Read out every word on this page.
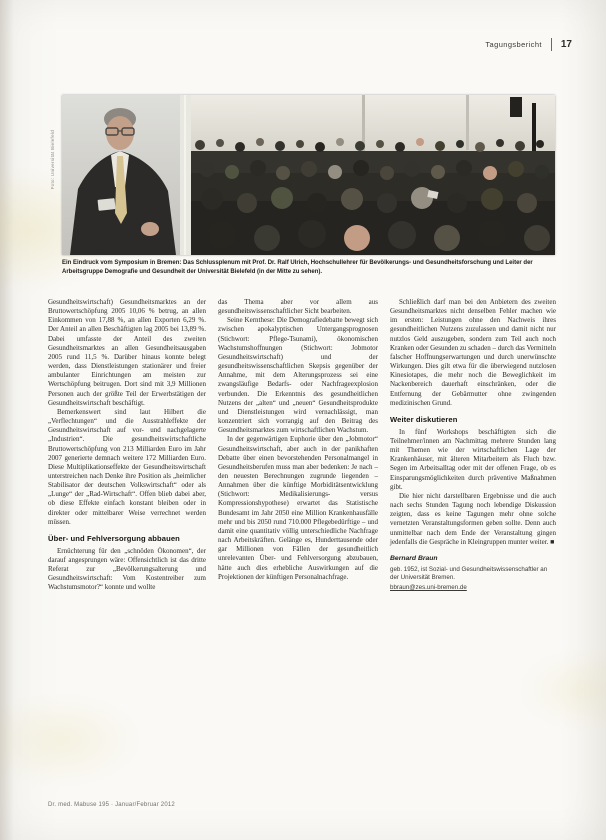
Tagungsbericht 17
Foto: Universität Bielefeld
Ein Eindruck vom Symposium in Bremen: Das Schlussplenum mit Prof. Dr. Ralf Ulrich, Hochschullehrer für Bevölkerungs- und Gesundheitsforschung und Leiter der Arbeitsgruppe Demografie und Gesundheit der Universität Bielefeld (in der Mitte zu sehen).

Gesundheitswirtschaft) Gesundheitsmarktes an der Bruttowertschöpfung 2005 10,06 % betrug, an allen Einkommen von 17,88 %, an allen Exporten 6,29 %. Der Anteil an allen Beschäftigten lag 2005 bei 13,89 %. Dabei umfasste der Anteil des zweiten Gesundheitsmarktes an allen Gesundheitsausgaben 2005 rund 11,5 %. Darüber hinaus konnte belegt werden, dass Dienstleistungen stationärer und freier ambulanter Einrichtungen am meisten zur Wertschöpfung beitrugen. Dort sind mit 3,9 Millionen Personen auch der größte Teil der Erwerbstätigen der Gesundheitswirtschaft beschäftigt.

Bemerkenswert sind laut Hilbert die „Verflechtungen“ und die Ausstrahleffekte der Gesundheitswirtschaft auf vor- und nachgelagerte „Industrien“. Die gesundheitswirtschaftliche Bruttowertschöpfung von 213 Milliarden Euro im Jahr 2007 generierte demnach weitere 172 Milliarden Euro. Diese Multiplikationseffekte der Gesundheitswirtschaft unterstreichen nach Denke ihre Position als „heimlicher Stabilisator der deutschen Volkswirtschaft“ oder als „Lunge“ der „Rad-Wirtschaft“. Offen blieb dabei aber, ob diese Effekte einfach konstant bleiben oder in direkter oder mittelbarer Weise verrechnet werden müssen.

Über- und Fehlversorgung abbauen

Ernüchterung für den „schnöden Ökonomen“, der darauf angesprungen wäre: Offensichtlich ist das dritte Referat zur „Bevölkerungsalterung und Gesundheitswirtschaft: Vom Kostentreiber zum Wachstumsmotor?“ konnte und wollte

das Thema aber vor allem aus gesundheitswissenschaftlicher Sicht bearbeiten.

Seine Kernthese: Die Demografiedebatte bewegt sich zwischen apokalyptischen Untergangsprognosen (Stichwort: Pflege-Tsunami), ökonomischen Wachstumshoffnungen (Stichwort: Jobmotor Gesundheitswirtschaft) und der gesundheitswissenschaftlichen Skepsis gegenüber der Annahme, mit dem Alterungsprozess sei eine zwangsläufige Bedarfs- oder Nachfrageexplosion verbunden. Die Erkenntnis des gesundheitlichen Nutzens der „alten“ und „neuen“ Gesundheitsprodukte und Dienstleistungen wird vernachlässigt, man konzentriert sich vorrangig auf den Beitrag des Gesundheitsmarktes zum wirtschaftlichen Wachstum.

In der gegenwärtigen Euphorie über den „Jobmotor“ Gesundheitswirtschaft, aber auch in der panikhaften Debatte über einen bevorstehenden Personalmangel in Gesundheitsberufen muss man aber bedenken: Je nach – den neuesten Berechnungen zugrunde liegenden – Annahmen über die künftige Morbiditätsentwicklung (Stichwort: Medikalisierungs- versus Kompressionshypothese) erwartet das Statistische Bundesamt im Jahr 2050 eine Million Krankenhausfälle mehr und bis 2050 rund 710.000 Pflegebedürftige – und damit eine quantitativ völlig unterschiedliche Nachfrage nach Arbeitskräften. Gelänge es, Hunderttausende oder gar Millionen von Fällen der gesundheitlich unrelevanten Über- und Fehlversorgung abzubauen, hätte auch dies erhebliche Auswirkungen auf die Projektionen der künftigen Personalnachfrage.

Schließlich darf man bei den Anbietern des zweiten Gesundheitsmarktes nicht denselben Fehler machen wie im ersten: Leistungen ohne den Nachweis ihres gesundheitlichen Nutzens zuzulassen und damit nicht nur nutzlos Geld auszugeben, sondern zum Teil auch noch Kranken oder Gesunden zu schaden – durch das Vermitteln falscher Hoffnungserwartungen und durch unerwünschte Wirkungen. Dies gilt etwa für die überwiegend nutzlosen Kinesiotapes, die mehr noch die Beweglichkeit im Nackenbereich dauerhaft einschränken, oder die Entfernung der Gebärmutter ohne zwingenden medizinischen Grund.

Weiter diskutieren

In fünf Workshops beschäftigten sich die Teilnehmer/innen am Nachmittag mehrere Stunden lang mit Themen wie der wirtschaftlichen Lage der Krankenhäuser, mit älteren Mitarbeitern als Fluch bzw. Segen im Arbeitsalltag oder mit der offenen Frage, ob es Einsparungsmöglichkeiten durch präventive Maßnahmen gibt.

Die hier nicht darstellbaren Ergebnisse und die auch nach sechs Stunden Tagung noch lebendige Diskussion zeigten, dass es keine Tagungen mehr ohne solche vernetzten Veranstaltungsformen geben sollte. Denn auch unmittelbar nach dem Ende der Veranstaltung gingen jedenfalls die Gespräche in Kleingruppen munter weiter. ■

Bernard Braun

geb. 1952, ist Sozial- und Gesundheitswissenschaftler an der Universität Bremen.

bbraun@zes.uni-bremen.de

Dr. med. Mabuse 195 · Januar/Februar 2012
